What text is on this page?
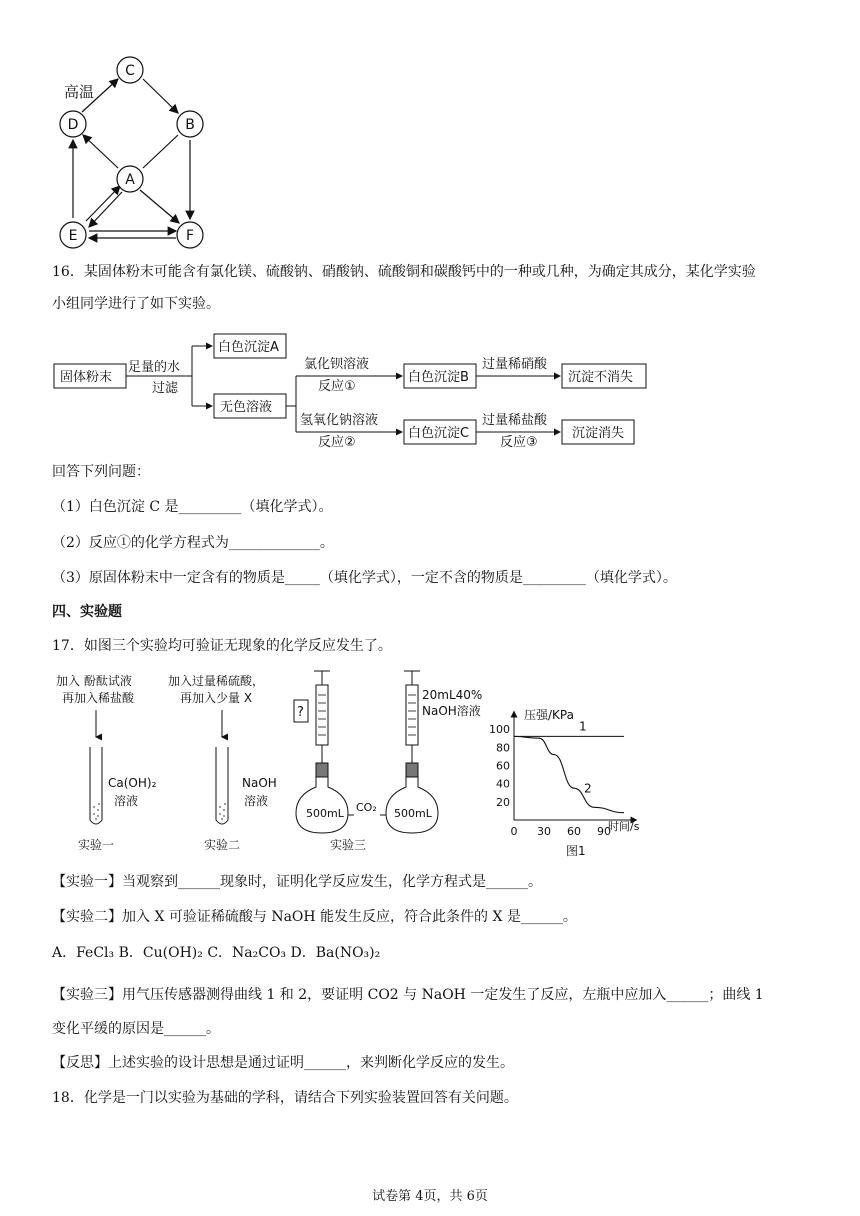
C
D	B
A
E	F
高温
16．某固体粉末可能含有氯化镁、硫酸钠、硝酸钠、硫酸铜和碳酸钙中的一种或几种，为确定其成分，某化学实验
小组同学进行了如下实验。
固体粉末
足量的水
过滤
白色沉淀A
无色溶液
氯化钡溶液
反应①
白色沉淀B
过量稀硝酸
沉淀不消失
氢氧化钠溶液
反应②
白色沉淀C
过量稀盐酸
反应③
沉淀消失
回答下列问题：
（1）白色沉淀 C 是_________（填化学式）。
（2）反应①的化学方程式为_____________。
（3）原固体粉末中一定含有的物质是_____（填化学式），一定不含的物质是_________（填化学式）。
四、实验题
17．如图三个实验均可验证无现象的化学反应发生了。
加入 酚酞试液
再加入稀盐酸
Ca(OH)₂
溶液
实验一
加入过量稀硫酸，
再加入少量 X
NaOH
溶液
实验二
?
20mL40%
NaOH溶液
500mL CO₂ 500mL
实验三
20
40
60
80
100
0 30 60 90
1
2
压强/KPa
时间/s
图1
【实验一】当观察到______现象时，证明化学反应发生，化学方程式是______。
【实验二】加入 X 可验证稀硫酸与 NaOH 能发生反应，符合此条件的 X 是______。
A．FeCl₃ B．Cu(OH)₂ C．Na₂CO₃ D．Ba(NO₃)₂
【实验三】用气压传感器测得曲线 1 和 2，要证明 CO2 与 NaOH 一定发生了反应，左瓶中应加入______；曲线 1
变化平缓的原因是______。
【反思】上述实验的设计思想是通过证明______，来判断化学反应的发生。
18．化学是一门以实验为基础的学科，请结合下列实验装置回答有关问题。
试卷第 4页，共 6页
